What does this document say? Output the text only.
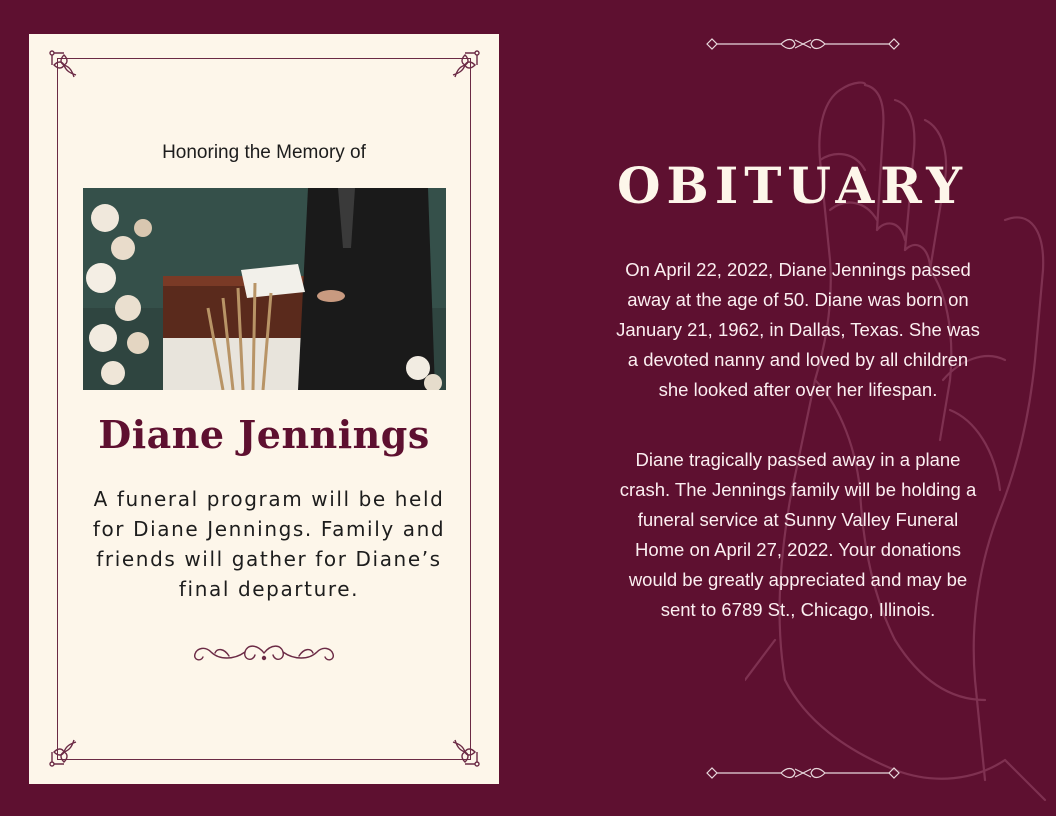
Honoring the Memory of
Diane Jennings
A funeral program will be held for Diane Jennings. Family and friends will gather for Diane’s final departure.
OBITUARY
On April 22, 2022, Diane Jennings passed away at the age of 50. Diane was born on January 21, 1962, in Dallas, Texas. She was a devoted nanny and loved by all children she looked after over her lifespan.
Diane tragically passed away in a plane crash. The Jennings family will be holding a funeral service at Sunny Valley Funeral Home on April 27, 2022. Your donations would be greatly appreciated and may be sent to 6789 St., Chicago, Illinois.
